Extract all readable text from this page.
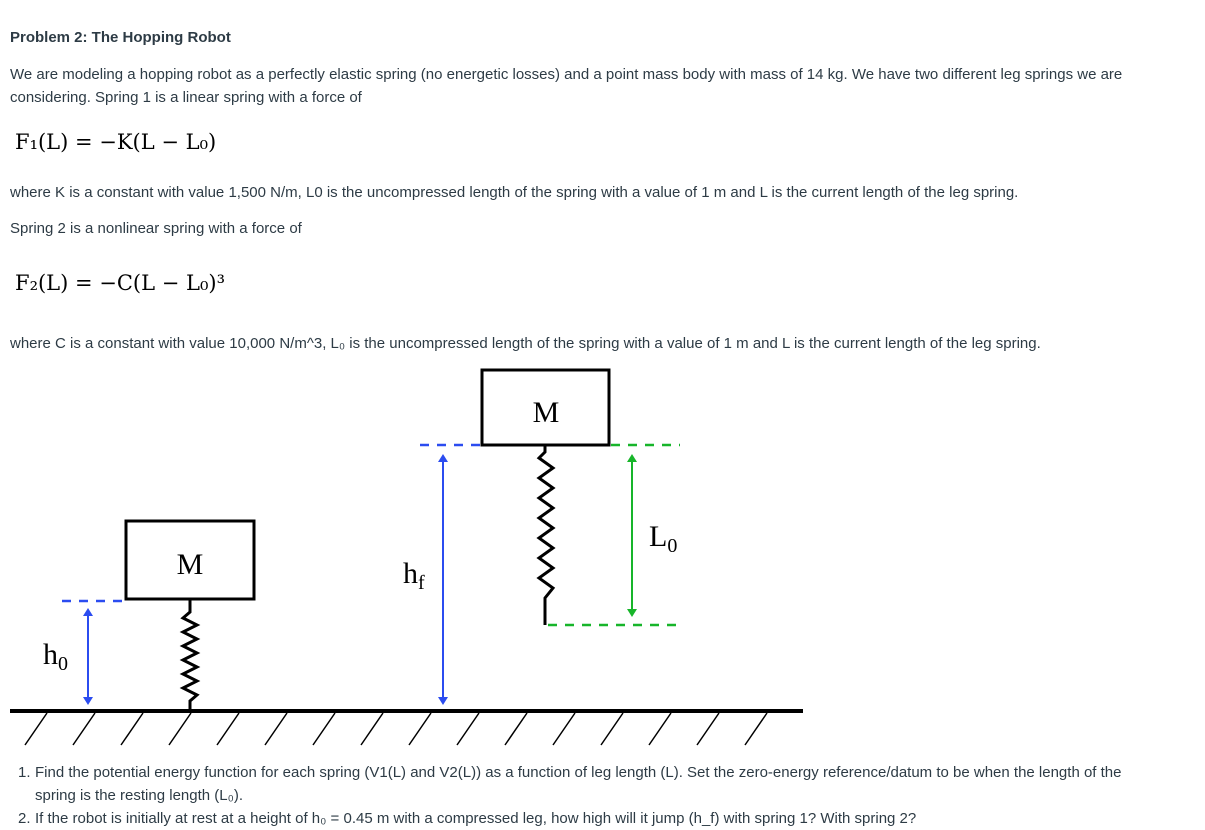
Problem 2: The Hopping Robot
We are modeling a hopping robot as a perfectly elastic spring (no energetic losses) and a point mass body with mass of 14 kg. We have two different leg springs we are
considering. Spring 1 is a linear spring with a force of
F₁(L) = −K(L − L₀)
where K is a constant with value 1,500 N/m, L0 is the uncompressed length of the spring with a value of 1 m and L is the current length of the leg spring.
Spring 2 is a nonlinear spring with a force of
F₂(L) = −C(L − L₀)³
where C is a constant with value 10,000 N/m^3, L₀ is the uncompressed length of the spring with a value of 1 m and L is the current length of the leg spring.
M
$h_0$
M
$h_f$
$L_0$
1. Find the potential energy function for each spring (V1(L) and V2(L)) as a function of leg length (L). Set the zero-energy reference/datum to be when the length of the
spring is the resting length (L₀).
2. If the robot is initially at rest at a height of h₀ = 0.45 m with a compressed leg, how high will it jump (h_f) with spring 1? With spring 2?
